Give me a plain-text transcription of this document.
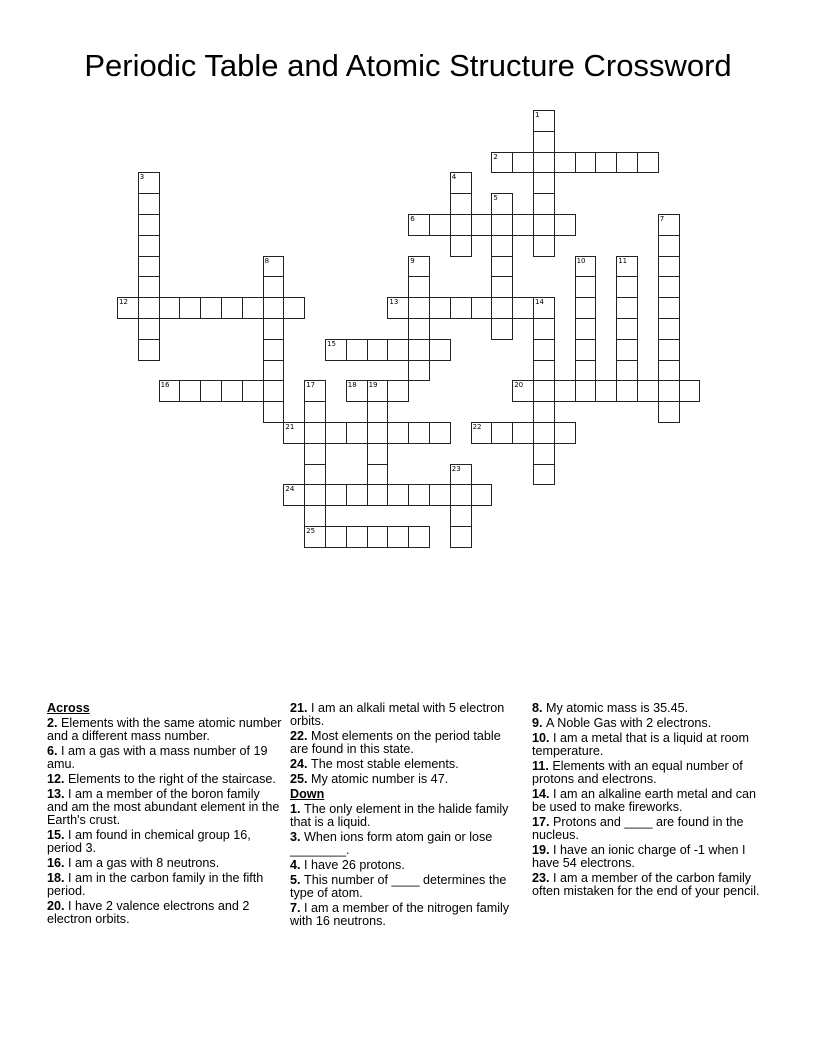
Periodic Table and Atomic Structure Crossword
1
2
3	4
5
6	7
8	9	10	11
12	13	14
15
16	17
25
18 19	20
21	22
23
24
Across
2. Elements with the same atomic number and a different mass number.
6. I am a gas with a mass number of 19 amu.
12. Elements to the right of the staircase.
13. I am a member of the boron family and am the most abundant element in the Earth's crust.
15. I am found in chemical group 16, period 3.
16. I am a gas with 8 neutrons.
18. I am in the carbon family in the fifth period.
20. I have 2 valence electrons and 2 electron orbits.
21. I am an alkali metal with 5 electron orbits.
22. Most elements on the period table are found in this state.
24. The most stable elements.
25. My atomic number is 47.
Down
1. The only element in the halide family that is a liquid.
3. When ions form atom gain or lose ________.
4. I have 26 protons.
5. This number of ____ determines the type of atom.
7. I am a member of the nitrogen family with 16 neutrons.
8. My atomic mass is 35.45.
9. A Noble Gas with 2 electrons.
10. I am a metal that is a liquid at room temperature.
11. Elements with an equal number of protons and electrons.
14. I am an alkaline earth metal and can be used to make fireworks.
17. Protons and ____ are found in the nucleus.
19. I have an ionic charge of -1 when I have 54 electrons.
23. I am a member of the carbon family often mistaken for the end of your pencil.
